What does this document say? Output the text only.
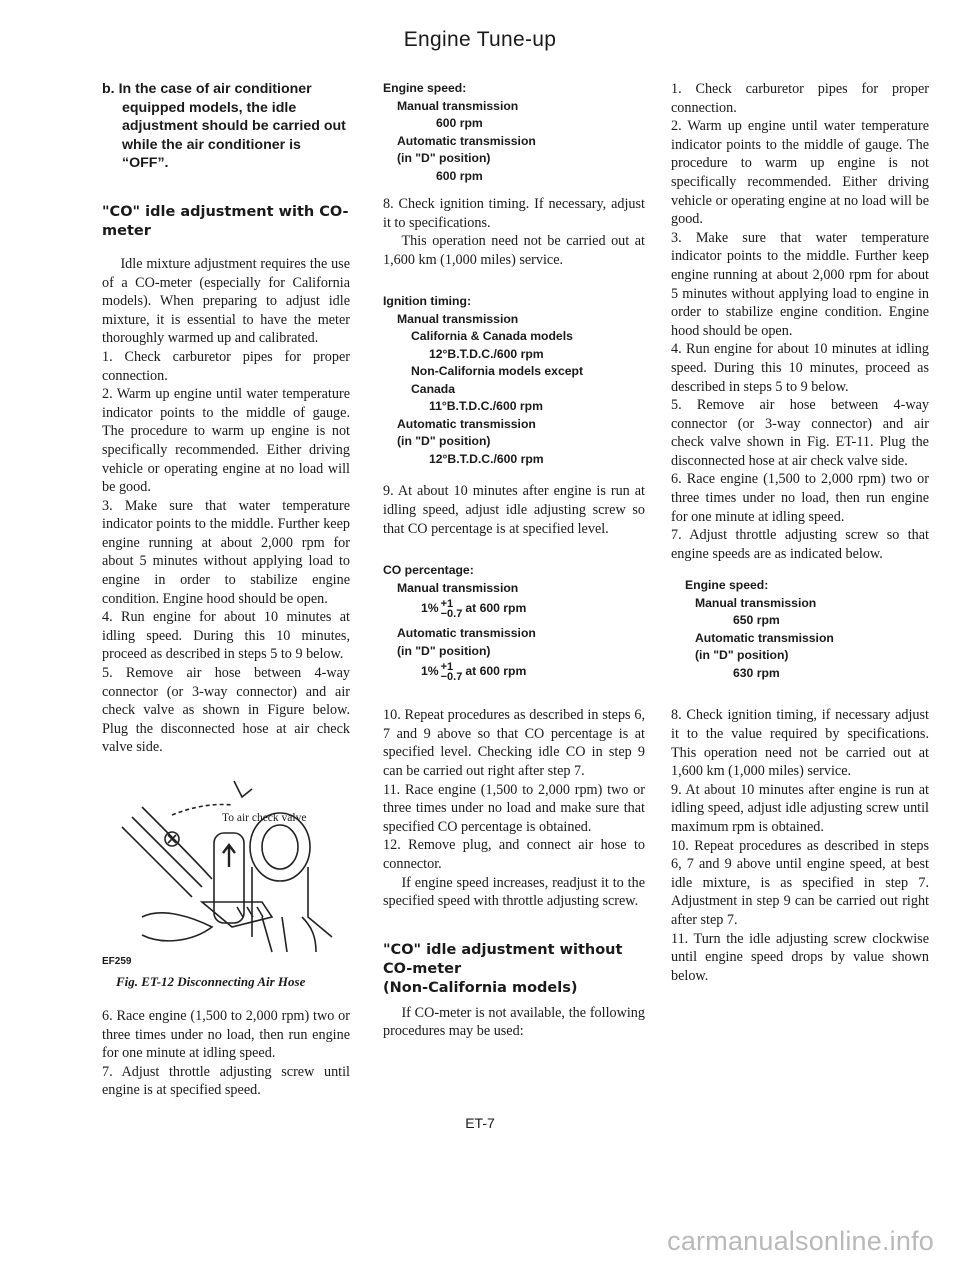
Engine Tune-up
b. In the case of air conditioner equipped models, the idle adjustment should be carried out while the air conditioner is “OFF”.
"CO" idle adjustment with CO-meter

Idle mixture adjustment requires the use of a CO-meter (especially for California models). When preparing to adjust idle mixture, it is essential to have the meter thoroughly warmed up and calibrated.

1. Check carburetor pipes for proper connection.

2. Warm up engine until water temperature indicator points to the middle of gauge. The procedure to warm up engine is not specifically recommended. Either driving vehicle or operating engine at no load will be good.

3. Make sure that water temperature indicator points to the middle. Further keep engine running at about 2,000 rpm for about 5 minutes without applying load to engine in order to stabilize engine condition. Engine hood should be open.

4. Run engine for about 10 minutes at idling speed. During this 10 minutes, proceed as described in steps 5 to 9 below.

5. Remove air hose between 4-way connector (or 3-way connector) and air check valve as shown in Figure below. Plug the disconnected hose at air check valve side.

To air check valve
EF259
Fig. ET-12 Disconnecting Air Hose

6. Race engine (1,500 to 2,000 rpm) two or three times under no load, then run engine for one minute at idling speed.

7. Adjust throttle adjusting screw until engine is at specified speed.

Engine speed:
Manual transmission
600 rpm
Automatic transmission
(in "D" position)
600 rpm

8. Check ignition timing. If necessary, adjust it to specifications.

This operation need not be carried out at 1,600 km (1,000 miles) service.

Ignition timing:
Manual transmission
California & Canada models
12°B.T.D.C./600 rpm
Non-California models except
Canada
11°B.T.D.C./600 rpm
Automatic transmission
(in "D" position)
12°B.T.D.C./600 rpm

9. At about 10 minutes after engine is run at idling speed, adjust idle adjusting screw so that CO percentage is at specified level.

CO percentage:
Manual transmission
1% +1
−0.7 at 600 rpm
Automatic transmission
(in "D" position)
1% +1
−0.7 at 600 rpm

10. Repeat procedures as described in steps 6, 7 and 9 above so that CO percentage is at specified level. Checking idle CO in step 9 can be carried out right after step 7.

11. Race engine (1,500 to 2,000 rpm) two or three times under no load and make sure that specified CO percentage is obtained.

12. Remove plug, and connect air hose to connector.

If engine speed increases, readjust it to the specified speed with throttle adjusting screw.

"CO" idle adjustment without CO-meter
(Non-California models)

If CO-meter is not available, the following procedures may be used:

1. Check carburetor pipes for proper connection.

2. Warm up engine until water temperature indicator points to the middle of gauge. The procedure to warm up engine is not specifically recommended. Either driving vehicle or operating engine at no load will be good.

3. Make sure that water temperature indicator points to the middle. Further keep engine running at about 2,000 rpm for about 5 minutes without applying load to engine in order to stabilize engine condition. Engine hood should be open.

4. Run engine for about 10 minutes at idling speed. During this 10 minutes, proceed as described in steps 5 to 9 below.

5. Remove air hose between 4-way connector (or 3-way connector) and air check valve shown in Fig. ET-11. Plug the disconnected hose at air check valve side.

6. Race engine (1,500 to 2,000 rpm) two or three times under no load, then run engine for one minute at idling speed.

7. Adjust throttle adjusting screw so that engine speeds are as indicated below.

Engine speed:
Manual transmission
650 rpm
Automatic transmission
(in "D" position)
630 rpm

8. Check ignition timing, if necessary adjust it to the value required by specifications. This operation need not be carried out at 1,600 km (1,000 miles) service.

9. At about 10 minutes after engine is run at idling speed, adjust idle adjusting screw until maximum rpm is obtained.

10. Repeat procedures as described in steps 6, 7 and 9 above until engine speed, at best idle mixture, is as specified in step 7. Adjustment in step 9 can be carried out right after step 7.

11. Turn the idle adjusting screw clockwise until engine speed drops by value shown below.

ET-7
carmanualsonline.info
